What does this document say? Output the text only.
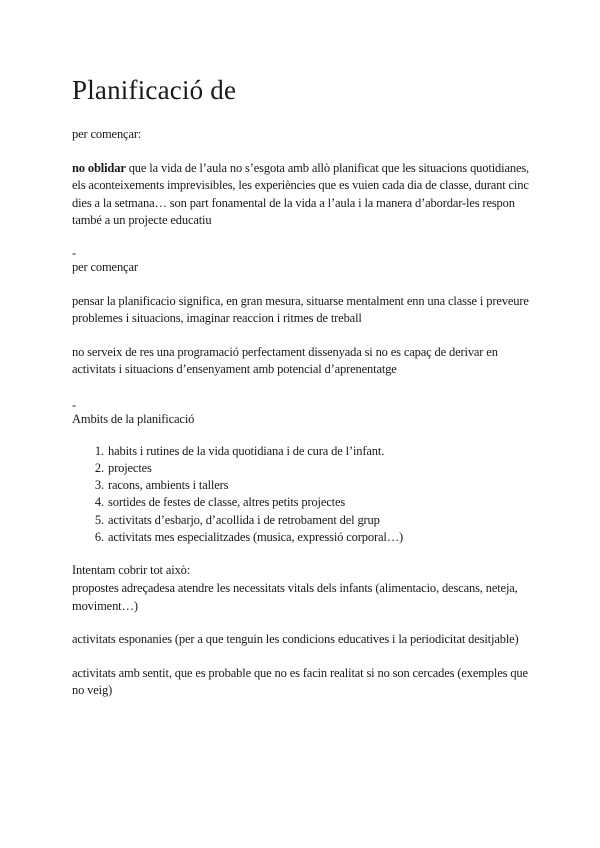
Planificació de

per començar:

no oblidar que la vida de l’aula no s’esgota amb allò planificat que les situacions quotidianes, els aconteixements imprevisibles, les experiències que es vuien cada dia de classe, durant cinc dies a la setmana… son part fonamental de la vida a l’aula i la manera d’abordar-les respon també a un projecte educatiu

-

per començar

pensar la planificacio significa, en gran mesura, situarse mentalment enn una classe i preveure problemes i situacions, imaginar reaccion i ritmes de treball

no serveix de res una programació perfectament dissenyada si no es capaç de derivar en activitats i situacions d’ensenyament amb potencial d’aprenentatge

-

Ambits de la planificació

1. habits i rutines de la vida quotidiana i de cura de l’infant.
2. projectes
3. racons, ambients i tallers
4. sortides de festes de classe, altres petits projectes
5. activitats d’esbarjo, d’acollida i de retrobament del grup
6. activitats mes especialitzades (musica, expressió corporal…)

Intentam cobrir tot això:

propostes adreçadesa atendre les necessitats vitals dels infants (alimentacio, descans, neteja, moviment…)

activitats esponanies (per a que tenguin les condicions educatives i la periodicitat desitjable)

activitats amb sentit, que es probable que no es facin realitat si no son cercades (exemples que no veig)
